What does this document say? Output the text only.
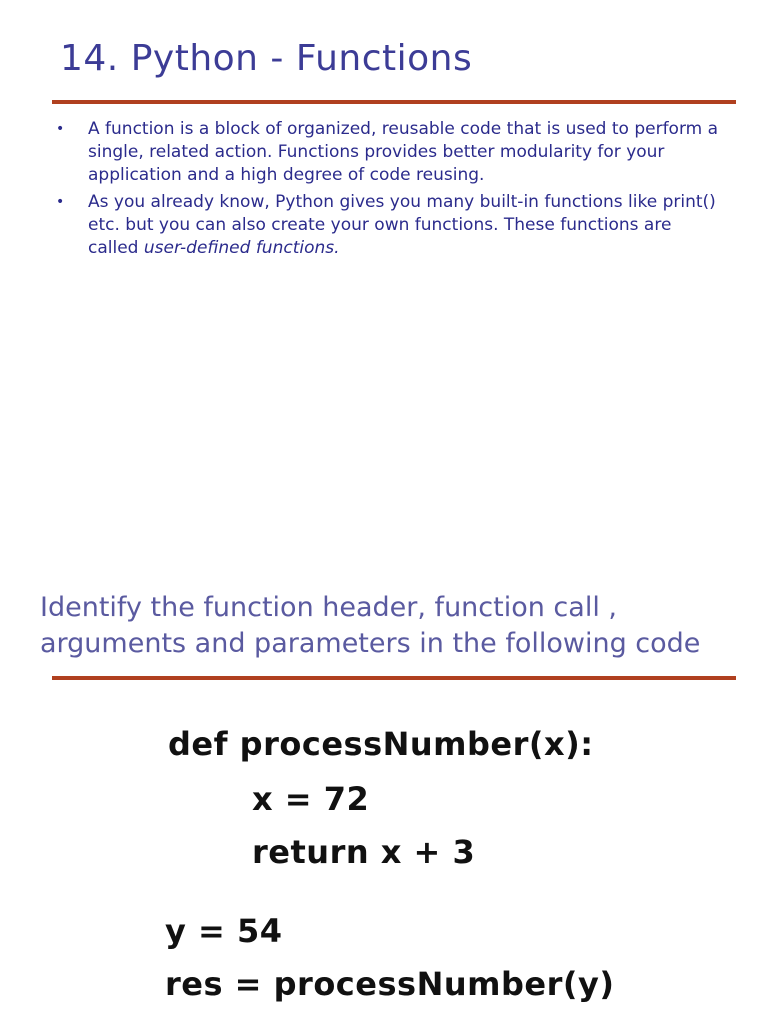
14. Python - Functions
• A function is a block of organized, reusable code that is used to perform a single, related action. Functions provides better modularity for your application and a high degree of code reusing.
• As you already know, Python gives you many built-in functions like print() etc. but you can also create your own functions. These functions are called user-defined functions.
Identify the function header, function call , arguments and parameters in the following code
def processNumber(x):
x = 72
return x + 3
y = 54
res = processNumber(y)
